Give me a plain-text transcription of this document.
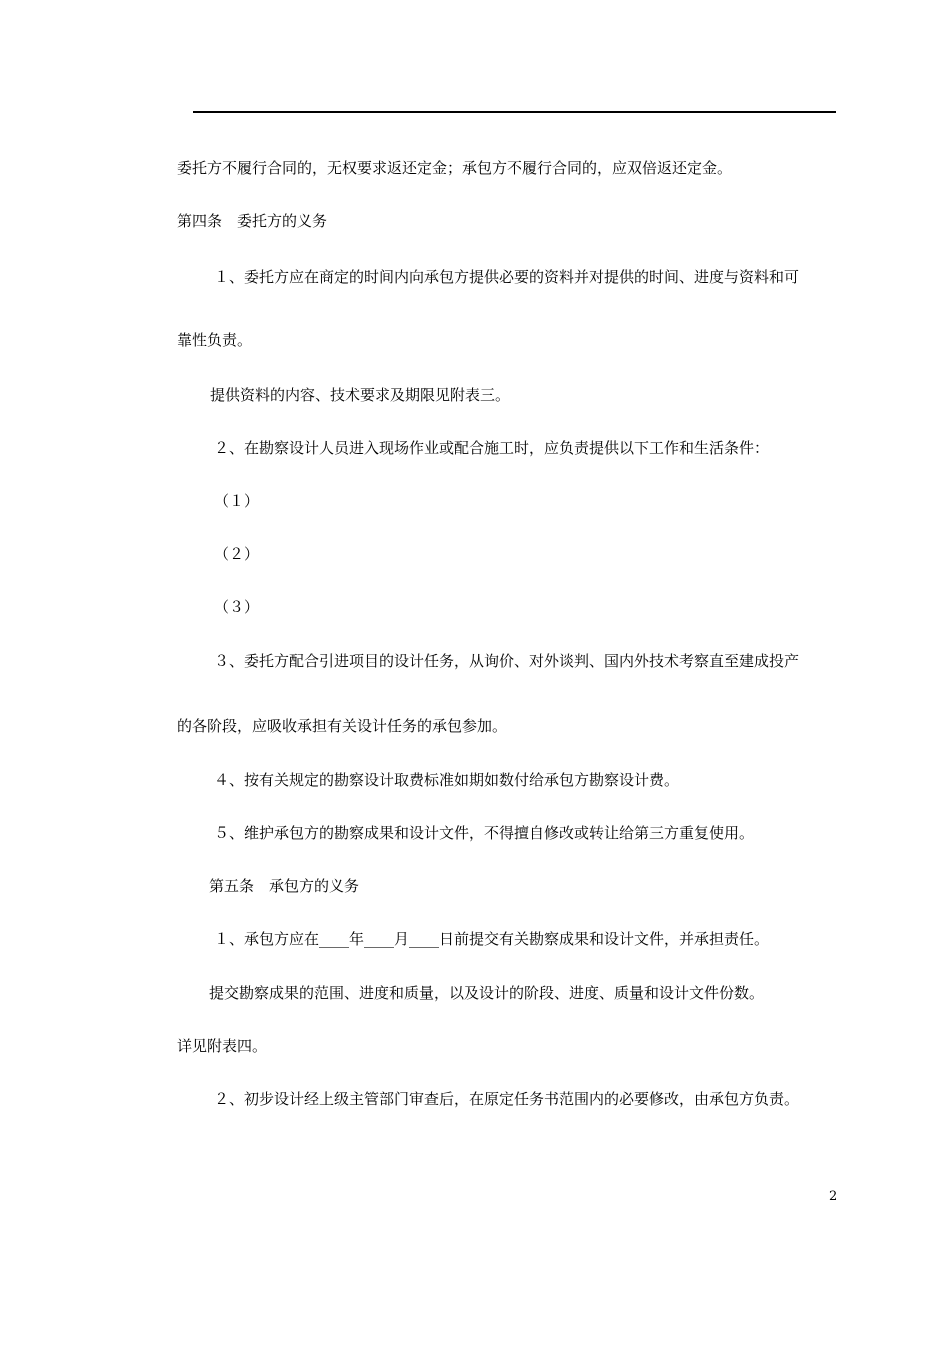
委托方不履行合同的，无权要求返还定金；承包方不履行合同的，应双倍返还定金。
第四条　委托方的义务
１、委托方应在商定的时间内向承包方提供必要的资料并对提供的时间、进度与资料和可
靠性负责。
提供资料的内容、技术要求及期限见附表三。
２、在勘察设计人员进入现场作业或配合施工时，应负责提供以下工作和生活条件：
（１）
（２）
（３）
３、委托方配合引进项目的设计任务，从询价、对外谈判、国内外技术考察直至建成投产
的各阶段，应吸收承担有关设计任务的承包参加。
４、按有关规定的勘察设计取费标准如期如数付给承包方勘察设计费。
５、维护承包方的勘察成果和设计文件，不得擅自修改或转让给第三方重复使用。
第五条　承包方的义务
１、承包方应在____年____月____日前提交有关勘察成果和设计文件，并承担责任。
提交勘察成果的范围、进度和质量，以及设计的阶段、进度、质量和设计文件份数。
详见附表四。
２、初步设计经上级主管部门审查后，在原定任务书范围内的必要修改，由承包方负责。
2
